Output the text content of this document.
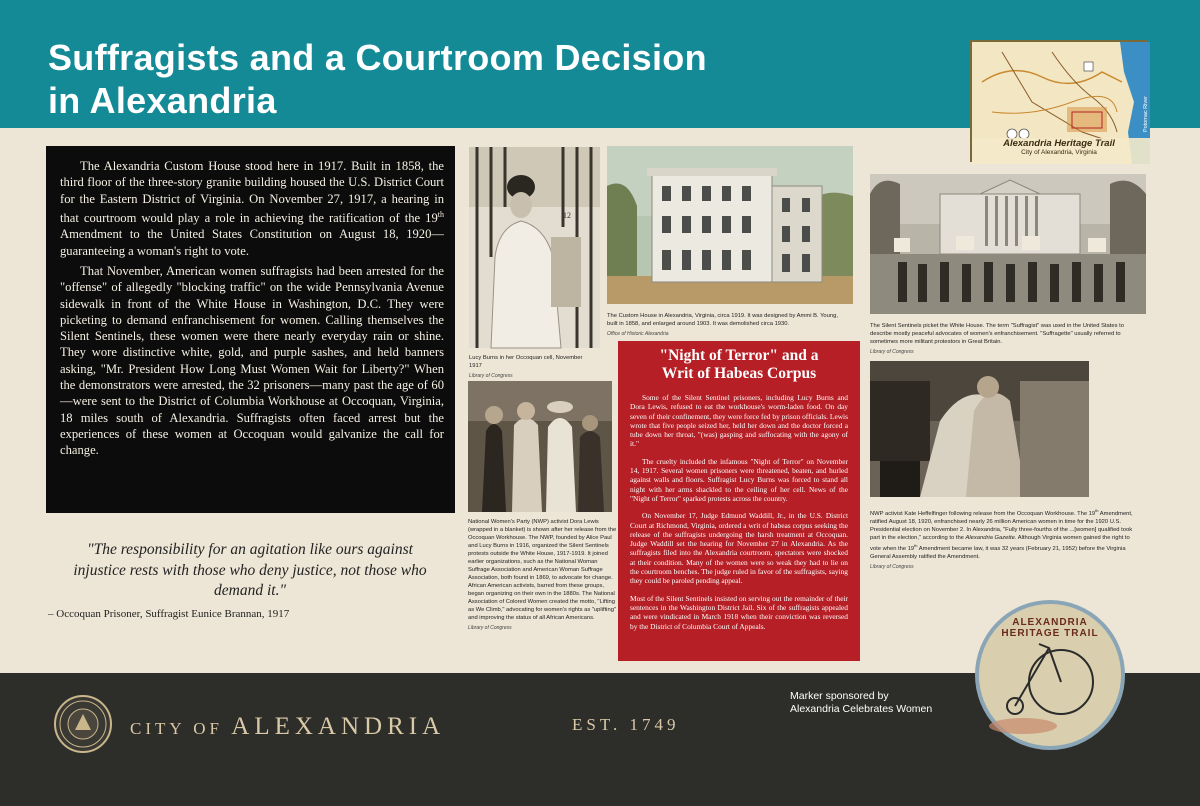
Suffragists and a Courtroom Decision
in Alexandria	Potomac River
Alexandria Heritage Trail
City of Alexandria, Virginia

The Alexandria Custom House stood here in 1917. Built in 1858, the third floor of the three-story granite building housed the U.S. District Court for the Eastern District of Virginia. On November 27, 1917, a hearing in that courtroom would play a role in achieving the ratification of the 19th Amendment to the United States Constitution on August 18, 1920—guaranteeing a woman's right to vote.

That November, American women suffragists had been arrested for the "offense" of allegedly "blocking traffic" on the wide Pennsylvania Avenue sidewalk in front of the White House in Washington, D.C. They were picketing to demand enfranchisement for women. Calling themselves the Silent Sentinels, these women were there nearly everyday rain or shine. They wore distinctive white, gold, and purple sashes, and held banners asking, "Mr. President How Long Must Women Wait for Liberty?" When the demonstrators were arrested, the 32 prisoners—many past the age of 60—were sent to the District of Columbia Workhouse at Occoquan, Virginia, 18 miles south of Alexandria. Suffragists often faced arrest but the experiences of these women at Occoquan would galvanize the call for change.

"The responsibility for an agitation like ours against injustice rests with those who deny justice, not those who demand it."

– Occoquan Prisoner, Suffragist Eunice Brannan, 1917

12
Lucy Burns in her Occoquan cell, November 1917
Library of Congress
The Custom House in Alexandria, Virginia, circa 1919. It was designed by Ammi B. Young, built in 1858, and enlarged around 1903. It was demolished circa 1930.
Office of Historic Alexandria
The Silent Sentinels picket the White House. The term "Suffragist" was used in the United States to describe mostly peaceful advocates of women's enfranchisement. "Suffragette" usually referred to sometimes more militant protestors in Great Britain.
Library of Congress
National Women's Party (NWP) activist Dora Lewis (wrapped in a blanket) is shown after her release from the Occoquan Workhouse. The NWP, founded by Alice Paul and Lucy Burns in 1916, organized the Silent Sentinels protests outside the White House, 1917-1919. It joined earlier organizations, such as the National Woman Suffrage Association and American Woman Suffrage Association, both found in 1869, to advocate for change. African American activists, barred from these groups, began organizing on their own in the 1880s. The National Association of Colored Women created the motto, "Lifting as We Climb," advocating for women's rights as "uplifting" and improving the status of all African Americans.
Library of Congress
"Night of Terror" and a
Writ of Habeas Corpus

Some of the Silent Sentinel prisoners, including Lucy Burns and Dora Lewis, refused to eat the workhouse's worm-laden food. On day seven of their confinement, they were force fed by prison officials. Lewis wrote that five people seized her, held her down and the doctor forced a tube down her throat, "(was) gasping and suffocating with the agony of it."

The cruelty included the infamous "Night of Terror" on November 14, 1917. Several women prisoners were threatened, beaten, and hurled against walls and floors. Suffragist Lucy Burns was forced to stand all night with her arms shackled to the ceiling of her cell. News of the "Night of Terror" sparked protests across the country.

On November 17, Judge Edmund Waddill, Jr., in the U.S. District Court at Richmond, Virginia, ordered a writ of habeas corpus seeking the release of the suffragists undergoing the harsh treatment at Occoquan. Judge Waddill set the hearing for November 27 in Alexandria. As the suffragists filed into the Alexandria courtroom, spectators were shocked at their condition. Many of the women were so weak they had to lie on the courtroom benches. The judge ruled in favor of the suffragists, saying they could be paroled pending appeal.

Most of the Silent Sentinels insisted on serving out the remainder of their sentences in the Washington District Jail. Six of the suffragists appealed and were vindicated in March 1918 when their conviction was reversed by the District of Columbia Court of Appeals.

NWP activist Kate Heffelfinger following release from the Occoquan Workhouse. The 19th Amendment, ratified August 18, 1920, enfranchised nearly 26 million American women in time for the 1920 U.S. Presidential election on November 2. In Alexandria, "Fully three-fourths of the ...[women] qualified took part in the election," according to the Alexandria Gazette. Although Virginia women gained the right to vote when the 19th Amendment became law, it was 32 years (February 21, 1952) before the Virginia General Assembly ratified the Amendment.
Library of Congress
CITY OF ALEXANDRIA	EST. 1749
Marker sponsored by
Alexandria Celebrates Women
ALEXANDRIA HERITAGE TRAIL
